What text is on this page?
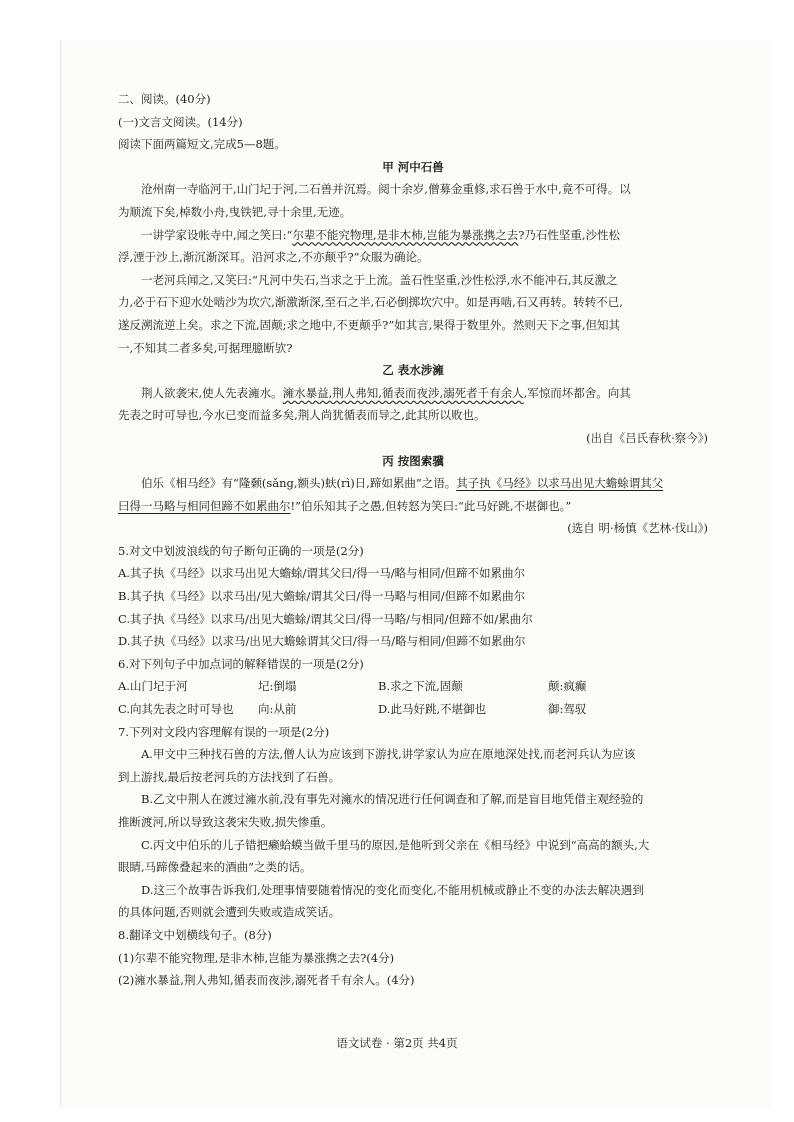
二、阅读。(40分)
(一)文言文阅读。(14分)
阅读下面两篇短文,完成5—8题。
甲 河中石兽
沧州南一寺临河干,山门圮于河,二石兽并沉焉。阅十余岁,僧募金重修,求石兽于水中,竟不可得。以
为顺流下矣,棹数小舟,曳铁钯,寻十余里,无迹。
一讲学家设帐寺中,闻之笑曰:“尔辈不能究物理,是非木杮,岂能为暴涨携之去?乃石性坚重,沙性松
浮,湮于沙上,渐沉渐深耳。沿河求之,不亦颠乎?”众服为确论。
一老河兵闻之,又笑曰:“凡河中失石,当求之于上流。盖石性坚重,沙性松浮,水不能冲石,其反激之
力,必于石下迎水处啮沙为坎穴,渐激渐深,至石之半,石必倒掷坎穴中。如是再啮,石又再转。转转不已,
遂反溯流逆上矣。求之下流,固颠;求之地中,不更颠乎?”如其言,果得于数里外。然则天下之事,但知其
一,不知其二者多矣,可据理臆断欤?
乙 表水涉澭
荆人欲袭宋,使人先表澭水。澭水暴益,荆人弗知,循表而夜涉,溺死者千有余人,军惊而坏都舍。向其
先表之时可导也,今水已变而益多矣,荆人尚犹循表而导之,此其所以败也。
(出自《吕氏春秋·察今》)
丙 按图索骥
伯乐《相马经》有“隆颡(sǎng,额头)蚨(rì)日,蹄如累曲”之语。其子执《马经》以求马出见大蟾蜍谓其父
曰得一马略与相同但蹄不如累曲尔!”伯乐知其子之愚,但转怒为笑曰:“此马好跳,不堪御也。”
(选自 明·杨慎《艺林·伐山》)
5.对文中划波浪线的句子断句正确的一项是(2分)
A.其子执《马经》以求马出见大蟾蜍/谓其父曰/得一马/略与相同/但蹄不如累曲尔
B.其子执《马经》以求马出/见大蟾蜍/谓其父曰/得一马略与相同/但蹄不如累曲尔
C.其子执《马经》以求马/出见大蟾蜍/谓其父曰/得一马略/与相同/但蹄不如/累曲尔
D.其子执《马经》以求马/出见大蟾蜍谓其父曰/得一马/略与相同/但蹄不如累曲尔
6.对下列句子中加点词的解释错误的一项是(2分)
A.山门圮于河	圮:倒塌	B.求之下流,固颠	颠:疯癫
C.向其先表之时可导也	向:从前	D.此马好跳,不堪御也	御:驾驭
7.下列对文段内容理解有误的一项是(2分)
A.甲文中三种找石兽的方法,僧人认为应该到下游找,讲学家认为应在原地深处找,而老河兵认为应该
到上游找,最后按老河兵的方法找到了石兽。
B.乙文中荆人在渡过澭水前,没有事先对澭水的情况进行任何调查和了解,而是盲目地凭借主观经验的
推断渡河,所以导致这袭宋失败,损失惨重。
C.丙文中伯乐的儿子错把癞蛤蟆当做千里马的原因,是他听到父亲在《相马经》中说到“高高的额头,大
眼睛,马蹄像叠起来的酒曲”之类的话。
D.这三个故事告诉我们,处理事情要随着情况的变化而变化,不能用机械或静止不变的办法去解决遇到
的具体问题,否则就会遭到失败或造成笑话。
8.翻译文中划横线句子。(8分)
(1)尔辈不能究物理,是非木杮,岂能为暴涨携之去?(4分)
(2)澭水暴益,荆人弗知,循表而夜涉,溺死者千有余人。(4分)
语文试卷 · 第2页 共4页
